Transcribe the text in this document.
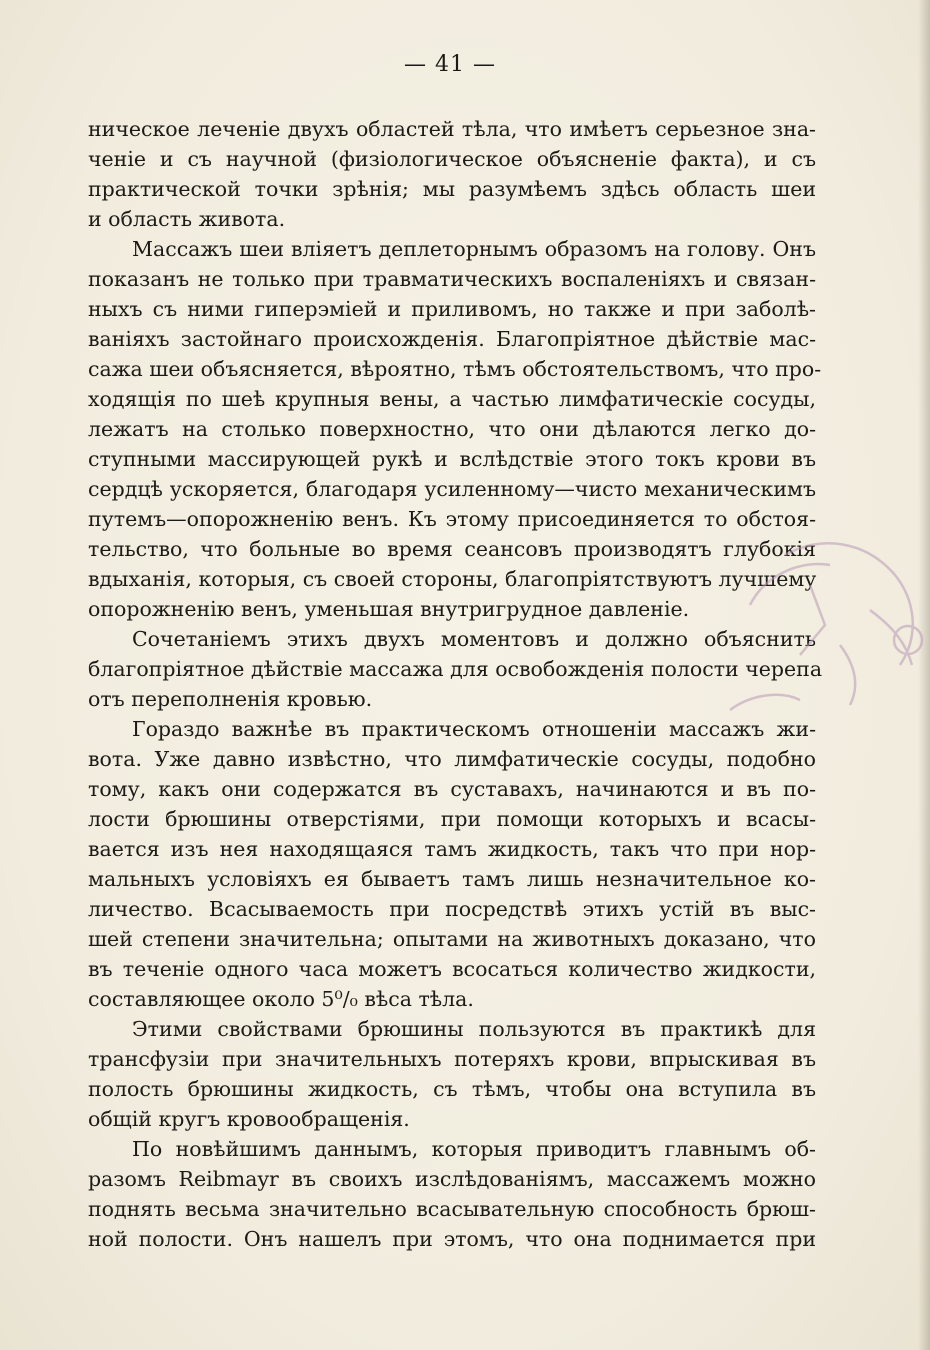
— 41 —
ническое леченіе двухъ областей тѣла, что имѣетъ серьезное зна-
ченіе и съ научной (физіологическое объясненіе факта), и съ
практической точки зрѣнія; мы разумѣемъ здѣсь область шеи
и область живота.
Массажъ шеи вліяетъ деплеторнымъ образомъ на голову. Онъ
показанъ не только при травматическихъ воспаленіяхъ и связан-
ныхъ съ ними гиперэміей и приливомъ, но также и при заболѣ-
ваніяхъ застойнаго происхожденія. Благопріятное дѣйствіе мас-
сажа шеи объясняется, вѣроятно, тѣмъ обстоятельствомъ, что про-
ходящія по шеѣ крупныя вены, а частью лимфатическіе сосуды,
лежатъ на столько поверхностно, что они дѣлаются легко до-
ступными массирующей рукѣ и вслѣдствіе этого токъ крови въ
сердцѣ ускоряется, благодаря усиленному—чисто механическимъ
путемъ—опорожненію венъ. Къ этому присоединяется то обстоя-
тельство, что больные во время сеансовъ производятъ глубокія
вдыханія, которыя, съ своей стороны, благопріятствуютъ лучшему
опорожненію венъ, уменьшая внутригрудное давленіе.
Сочетаніемъ этихъ двухъ моментовъ и должно объяснить
благопріятное дѣйствіе массажа для освобожденія полости черепа
отъ переполненія кровью.
Гораздо важнѣе въ практическомъ отношеніи массажъ жи-
вота. Уже давно извѣстно, что лимфатическіе сосуды, подобно
тому, какъ они содержатся въ суставахъ, начинаются и въ по-
лости брюшины отверстіями, при помощи которыхъ и всасы-
вается изъ нея находящаяся тамъ жидкость, такъ что при нор-
мальныхъ условіяхъ ея бываетъ тамъ лишь незначительное ко-
личество. Всасываемость при посредствѣ этихъ устій въ выс-
шей степени значительна; опытами на животныхъ доказано, что
въ теченіе одного часа можетъ всосаться количество жидкости,
составляющее около 5⁰/₀ вѣса тѣла.
Этими свойствами брюшины пользуются въ практикѣ для
трансфузіи при значительныхъ потеряхъ крови, впрыскивая въ
полость брюшины жидкость, съ тѣмъ, чтобы она вступила въ
общій кругъ кровообращенія.
По новѣйшимъ даннымъ, которыя приводитъ главнымъ об-
разомъ Reibmayr въ своихъ изслѣдованіямъ, массажемъ можно
поднять весьма значительно всасывательную способность брюш-
ной полости. Онъ нашелъ при этомъ, что она поднимается при
